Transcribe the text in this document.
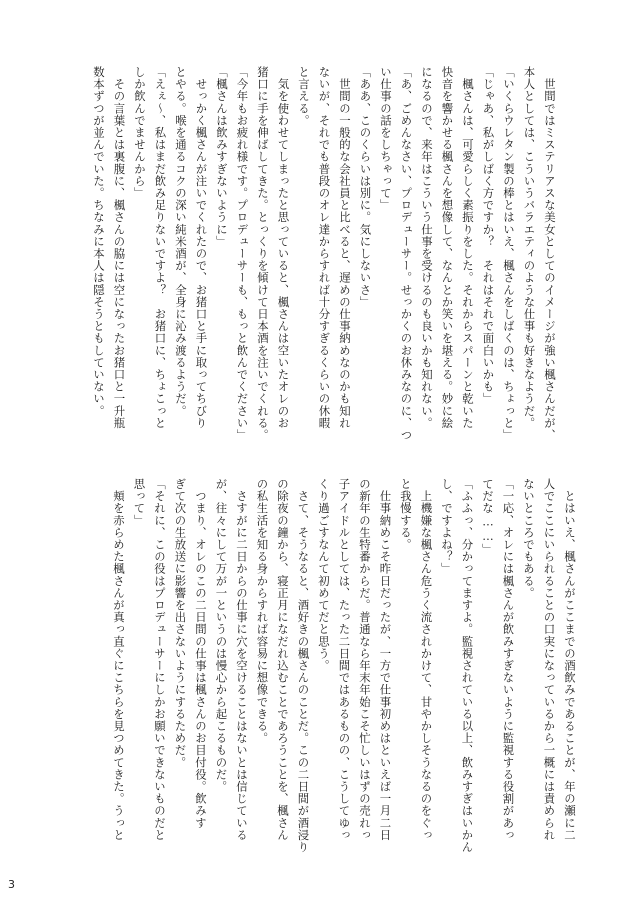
　世間ではミステリアスな美女としてのイメージが強い楓さんだが、
本人としては、こういうバラエティのような仕事も好きなようだ。
「いくらウレタン製の棒とはいえ、楓さんをしばくのは、ちょっと」
「じゃあ、私がしばく方ですか？　それはそれで面白いかも」
　楓さんは、可愛らしく素振りをした。それからスパーンと乾いた
快音を響かせる楓さんを想像して、なんとか笑いを堪える。妙に絵
になるので、来年はこういう仕事を受けるのも良いかも知れない。
「あ、ごめんなさい、プロデューサー。せっかくのお休みなのに、つ
い仕事の話をしちゃって」
「ああ、このくらいは別に。気にしないさ」
　世間の一般的な会社員と比べると、遅めの仕事納めなのかも知れ
ないが、それでも普段のオレ達からすれば十分すぎるくらいの休暇
と言える。
　気を使わせてしまったと思っていると、楓さんは空いたオレのお
猪口に手を伸ばしてきた。とっくりを傾けて日本酒を注いでくれる。
「今年もお疲れ様です。プロデューサーも、もっと飲んでください」
「楓さんは飲みすぎないように」
　せっかく楓さんが注いでくれたので、お猪口と手に取ってちびり
とやる。喉を通るコクの深い純米酒が、全身に沁み渡るようだ。
「えぇ～、私はまだ飲み足りないですよ？　お猪口に、ちょこっと
しか飲んでませんから」
　その言葉とは裏腹に、楓さんの脇には空になったお猪口と一升瓶
数本ずつが並んでいた。ちなみに本人は隠そうともしていない。
　とはいえ、楓さんがここまでの酒飲みであることが、年の瀬に二
人でここにいられることの口実になっているから一概には責められ
ないところでもある。
「一応、オレには楓さんが飲みすぎないように監視する役割があっ
てだな……」
「ふふっ、分かってますよ。監視されている以上、飲みすぎはいかん
し、ですよね？」
　上機嫌な楓さん危うく流されかけて、甘やかしそうなるのをぐっ
と我慢する。
　仕事納めこそ昨日だったが、一方で仕事初めはといえば一月二日
の新年の生特番からだ。普通なら年末年始こそ忙しいはずの売れっ
子アイドルとしては、たった二日間ではあるものの、こうしてゆっ
くり過ごすなんて初めてだと思う。
　さて、そうなると、酒好きの楓さんのことだ。この二日間が酒浸り
の除夜の鐘から、寝正月になだれ込むことであろうことを、楓さん
の私生活を知る身からすれば容易に想像できる。
　さすがに二日からの仕事に穴を空けることはないとは信じている
が、往々にして万が一というのは慢心から起こるものだ。
　つまり、オレのこの二日間の仕事は楓さんのお目付役。飲みす
ぎて次の生放送に影響を出さないようにするためだ。
「それに、この役はプロデューサーにしかお願いできないものだと
思って」
　頬を赤らめた楓さんが真っ直ぐにこちらを見つめてきた。うっと
3
